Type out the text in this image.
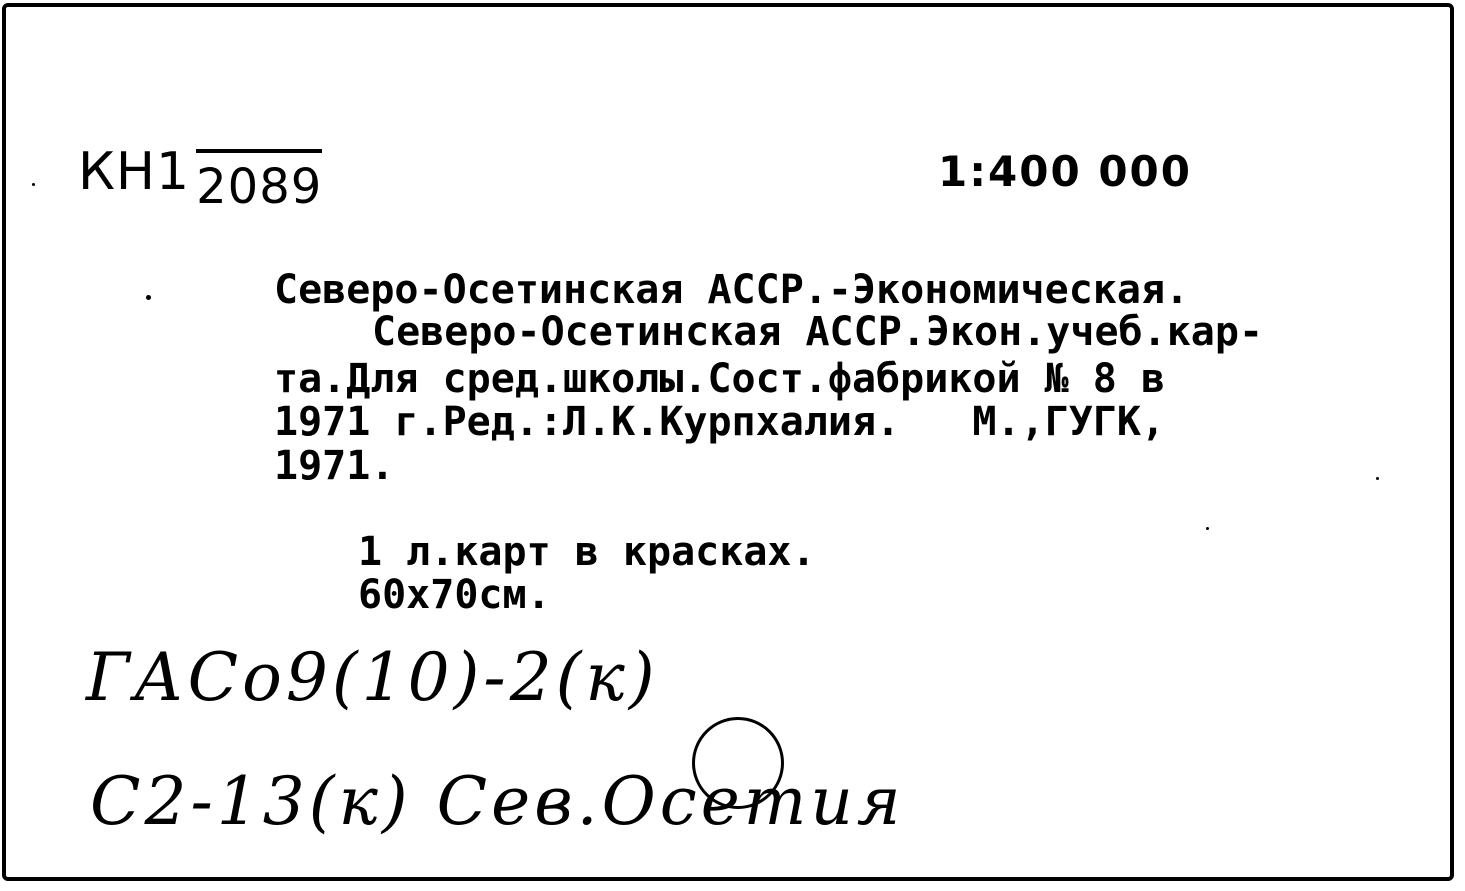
КН1 2089	1:400 000
Северо-Осетинская АССР.-Экономическая.
Северо-Осетинская АССР.Экон.учеб.кар-
та.Для сред.школы.Сост.фабрикой № 8 в
1971 г.Ред.:Л.К.Курпхалия.   М.,ГУГК,
1971.
1 л.карт в красках.
60х70см.
ГАСо9(10)-2(к)
С2-13(к) Сев.Осетия
